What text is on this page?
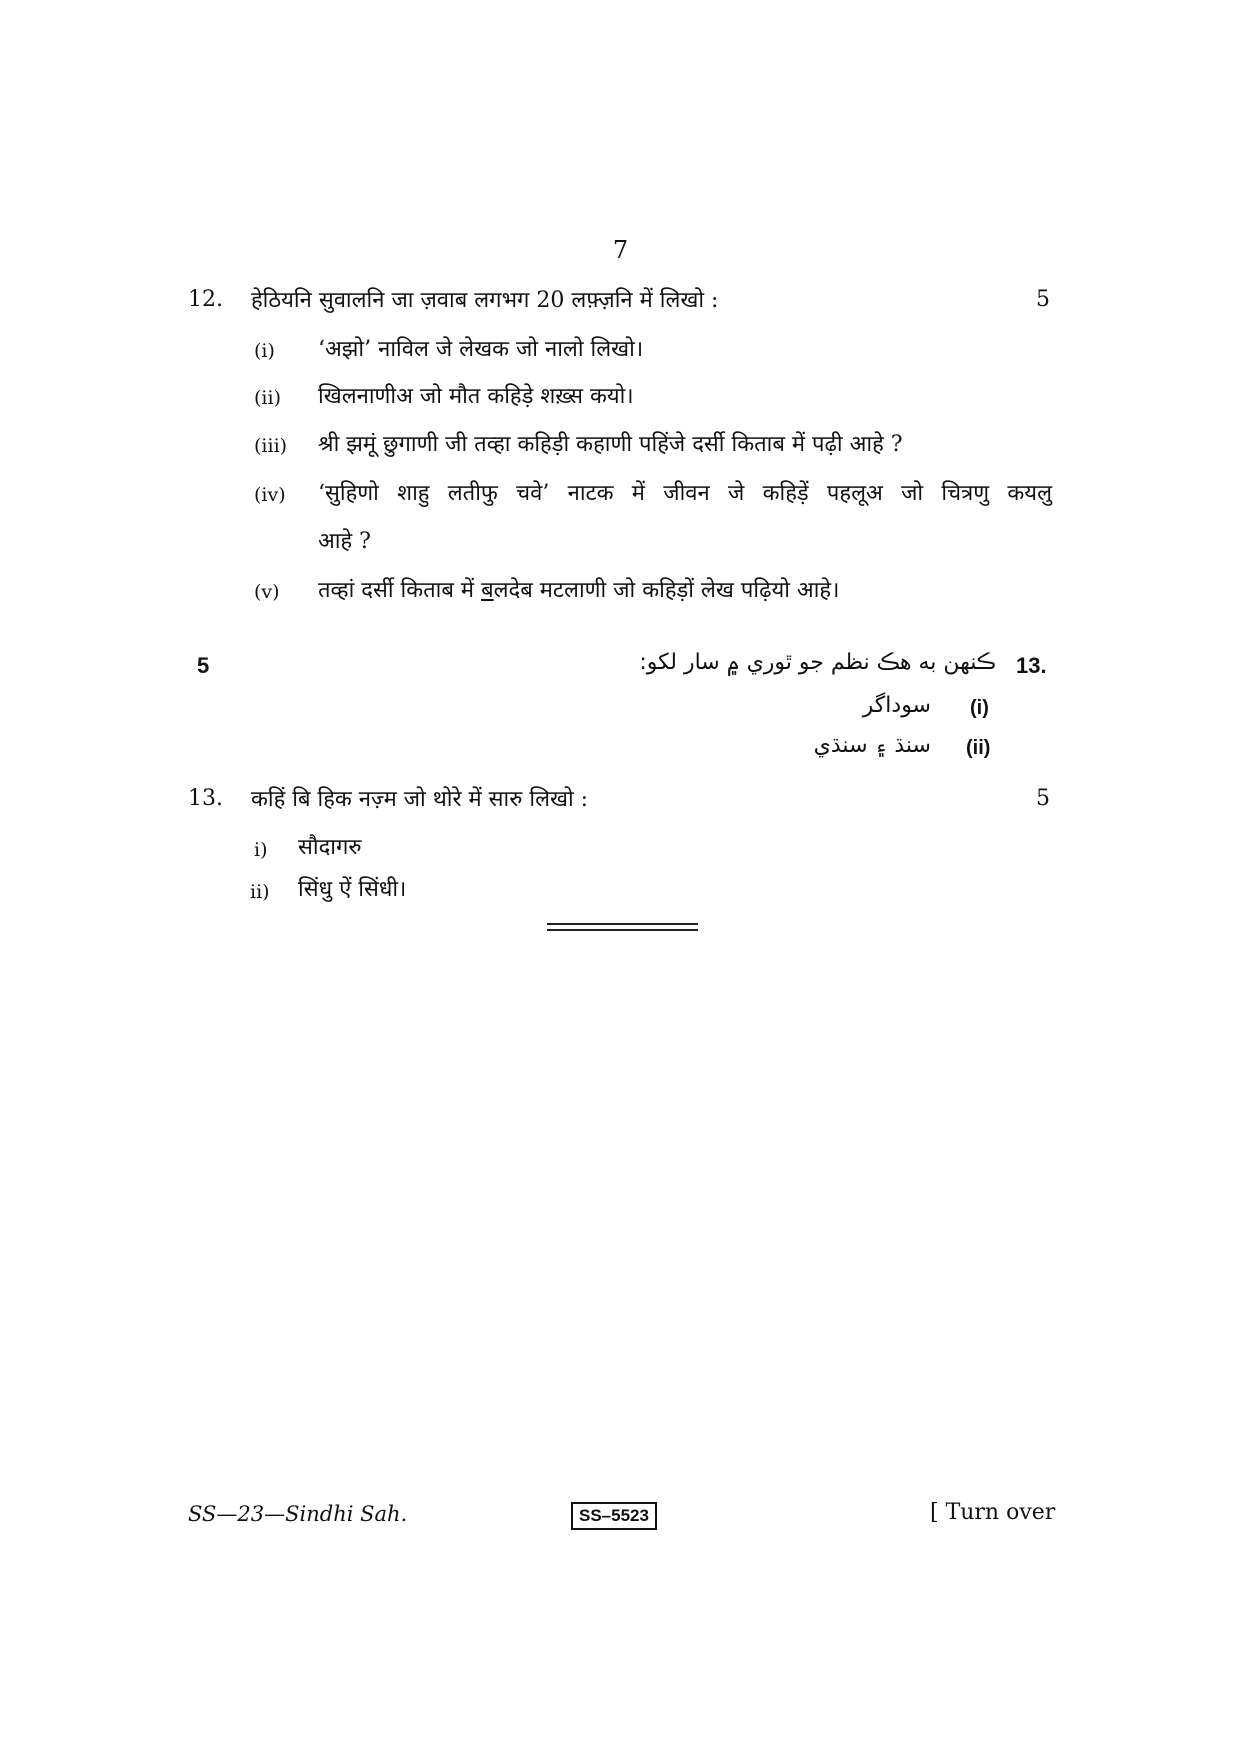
7
12. हेठियनि सुवालनि जा ज़वाब लगभग 20 लफ़्ज़नि में लिखो :	5
(i) ‘अझो’ नाविल जे लेखक जो नालो लिखो।
(ii) खिलनाणीअ जो मौत कहिड़े शख़्स कयो।
(iii) श्री झमूं छुगणी जी तव्हा कहिड़ी कहाणी पहिंजे दर्सी किताब में पढ़ी आहे ?
(iv) ‘सुहिणो शाहु लतीफु चवे’ नाटक में जीवन जे कहिड़ें पहलूअ जो चित्रणु कयलु
आहे ?
(v) तव्हां दर्सी किताब में बलदेब मटलाणी जो कहिड़ों लेख पढ़ियो आहे।
5	13.
ڪنهن به هڪ نظم جو ٿوري ۾ سار لکو:
(i)
سوداگر
(ii)
سنڌ ۽ سنڌي
13. कहिं बि हिक नज़्म जो थोरे में सारु लिखो :	5
i) सौदागरु
ii) सिंधु ऐं सिंधी।
SS—23—Sindhi Sah.	SS–5523	[ Turn over
